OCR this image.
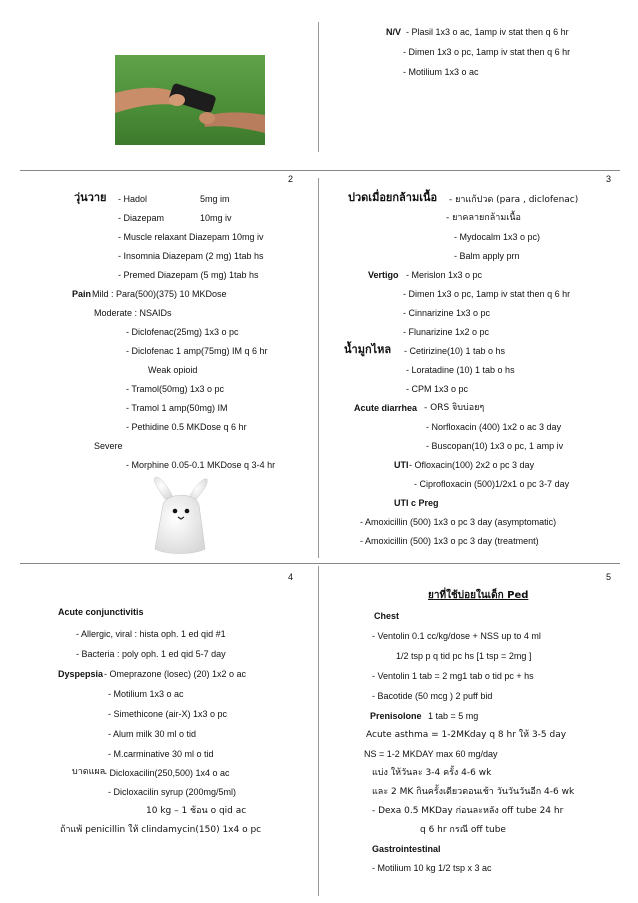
2	3
4	5
N/V - Plasil 1x3 o ac, 1amp iv stat then q 6 hr
- Dimen 1x3 o pc, 1amp iv stat then q 6 hr
- Motilium 1x3 o ac
วุ่นวาย - Hadol	5mg im
- Diazepam	10mg iv
- Muscle relaxant Diazepam 10mg iv
- Insomnia Diazepam (2 mg) 1tab hs
- Premed Diazepam (5 mg) 1tab hs
Pain Mild : Para(500)(375) 10 MKDose
Moderate : NSAIDs
- Diclofenac(25mg) 1x3 o pc
- Diclofenac 1 amp(75mg) IM q 6 hr
Weak opioid
- Tramol(50mg) 1x3 o pc
- Tramol 1 amp(50mg) IM
- Pethidine 0.5 MKDose q 6 hr
Severe
- Morphine 0.05-0.1 MKDose q 3-4 hr
ปวดเมื่อยกล้ามเนื้อ - ยาแก้ปวด (para , diclofenac)
- ยาคลายกล้ามเนื้อ
- Mydocalm 1x3 o pc)
- Balm apply prn
Vertigo - Merislon 1x3 o pc
- Dimen 1x3 o pc, 1amp iv stat then q 6 hr
- Cinnarizine 1x3 o pc
- Flunarizine 1x2 o pc
น้ำมูกไหล - Cetirizine(10) 1 tab o hs
- Loratadine (10) 1 tab o hs
- CPM 1x3 o pc
Acute diarrhea - ORS จิบบ่อยๆ
- Norfloxacin (400) 1x2 o ac 3 day
- Buscopan(10) 1x3 o pc, 1 amp iv
UTI - Ofloxacin(100) 2x2 o pc 3 day
- Ciprofloxacin (500)1/2x1 o pc 3-7 day
UTI c Preg
- Amoxicillin (500) 1x3 o pc 3 day (asymptomatic)
- Amoxicillin (500) 1x3 o pc 3 day (treatment)
Acute conjunctivitis
- Allergic, viral : hista oph. 1 ed qid #1
- Bacteria : poly oph. 1 ed qid 5-7 day
Dyspepsia - Omeprazone (losec) (20) 1x2 o ac
- Motilium 1x3 o ac
- Simethicone (air-X) 1x3 o pc
- Alum milk 30 ml o tid
- M.carminative 30 ml o tid
บาดแผล
- Dicloxacilin(250,500) 1x4 o ac
- Dicloxacilin syrup (200mg/5ml)
10 kg – 1 ช้อน o qid ac
ถ้าแพ้ penicillin ให้ clindamycin(150) 1x4 o pc
ยาที่ใช้บ่อยในเด็ก Ped
Chest
- Ventolin 0.1 cc/kg/dose + NSS up to 4 ml
1/2 tsp p q tid pc hs [1 tsp = 2mg ]
- Ventolin 1 tab = 2 mg1 tab o tid pc + hs
- Bacotide (50 mcg ) 2 puff bid
Prenisolone 1 tab = 5 mg
Acute asthma = 1-2MKday q 8 hr ให้ 3-5 day
NS = 1-2 MKDAY max 60 mg/day
แบ่ง ให้วันละ 3-4 ครั้ง 4-6 wk
และ 2 MK กินครั้งเดียวตอนเช้า วันวันวันอีก 4-6 wk
- Dexa 0.5 MKDay ก่อนละหลัง off tube 24 hr
q 6 hr กรณี off tube
Gastrointestinal
- Motilium 10 kg 1/2 tsp x 3 ac
